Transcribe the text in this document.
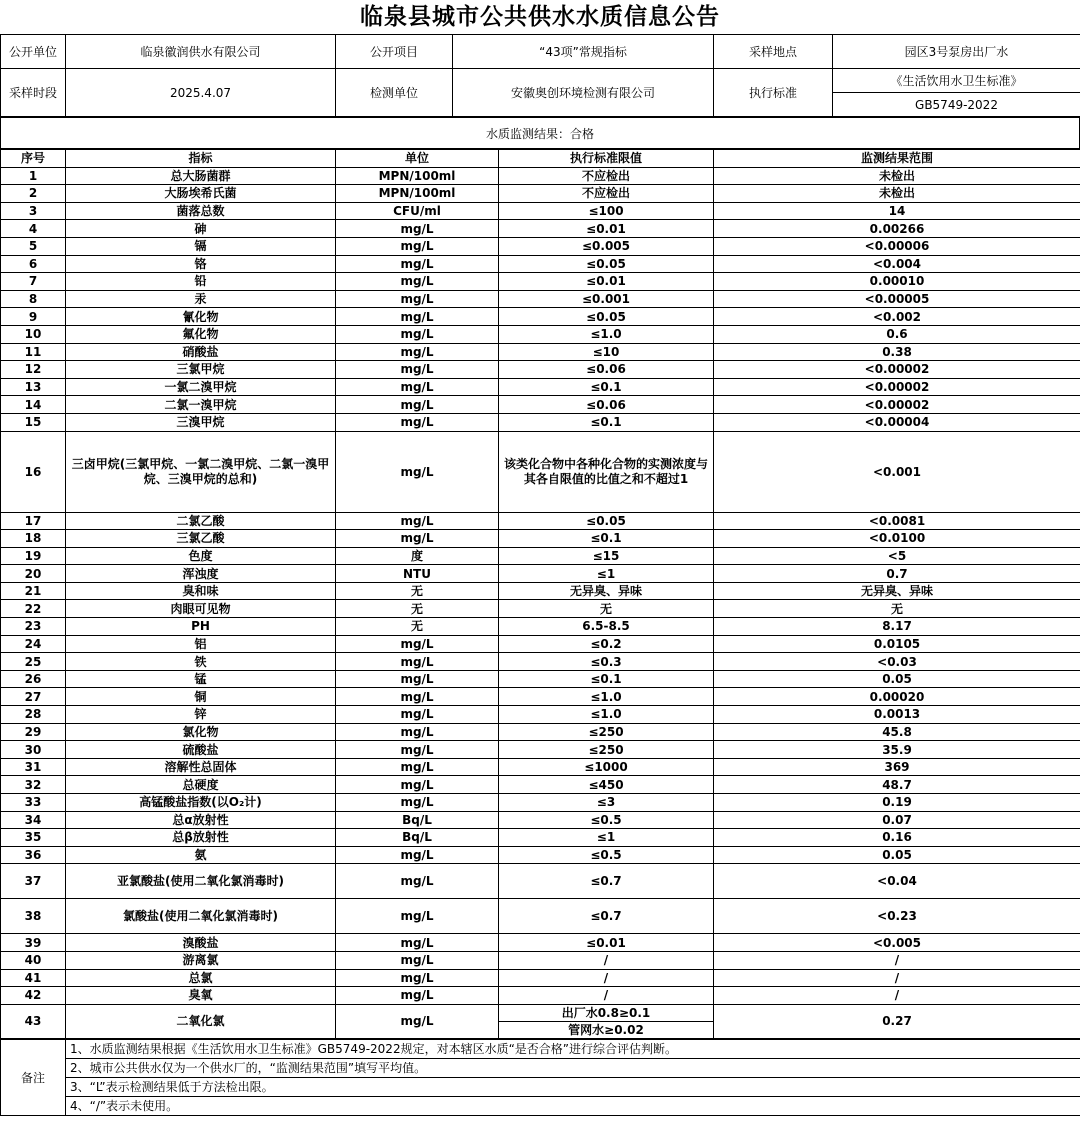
临泉县城市公共供水水质信息公告
公开单位	临泉徽润供水有限公司	公开项目	“43项”常规指标	采样地点	园区3号泵房出厂水
采样时段	2025.4.07	检测单位	安徽奥创环境检测有限公司	执行标准	《生活饮用水卫生标准》
					GB5749-2022
水质监测结果：合格
序号	指标	单位	执行标准限值	监测结果范围
1	总大肠菌群	MPN/100ml	不应检出	未检出
2	大肠埃希氏菌	MPN/100ml	不应检出	未检出
3	菌落总数	CFU/ml	≤100	14
4	砷	mg/L	≤0.01	0.00266
5	镉	mg/L	≤0.005	<0.00006
6	铬	mg/L	≤0.05	<0.004
7	铅	mg/L	≤0.01	0.00010
8	汞	mg/L	≤0.001	<0.00005
9	氰化物	mg/L	≤0.05	<0.002
10	氟化物	mg/L	≤1.0	0.6
11	硝酸盐	mg/L	≤10	0.38
12	三氯甲烷	mg/L	≤0.06	<0.00002
13	一氯二溴甲烷	mg/L	≤0.1	<0.00002
14	二氯一溴甲烷	mg/L	≤0.06	<0.00002
15	三溴甲烷	mg/L	≤0.1	<0.00004
16	三卤甲烷(三氯甲烷、一氯二溴甲烷、二氯一溴甲烷、三溴甲烷的总和)	mg/L	该类化合物中各种化合物的实测浓度与其各自限值的比值之和不超过1	<0.001
17	二氯乙酸	mg/L	≤0.05	<0.0081
18	三氯乙酸	mg/L	≤0.1	<0.0100
19	色度	度	≤15	<5
20	浑浊度	NTU	≤1	0.7
21	臭和味	无	无异臭、异味	无异臭、异味
22	肉眼可见物	无	无	无
23	PH	无	6.5-8.5	8.17
24	铝	mg/L	≤0.2	0.0105
25	铁	mg/L	≤0.3	<0.03
26	锰	mg/L	≤0.1	0.05
27	铜	mg/L	≤1.0	0.00020
28	锌	mg/L	≤1.0	0.0013
29	氯化物	mg/L	≤250	45.8
30	硫酸盐	mg/L	≤250	35.9
31	溶解性总固体	mg/L	≤1000	369
32	总硬度	mg/L	≤450	48.7
33	高锰酸盐指数(以O₂计)	mg/L	≤3	0.19
34	总α放射性	Bq/L	≤0.5	0.07
35	总β放射性	Bq/L	≤1	0.16
36	氨	mg/L	≤0.5	0.05
37	亚氯酸盐(使用二氧化氯消毒时)	mg/L	≤0.7	<0.04
38	氯酸盐(使用二氧化氯消毒时)	mg/L	≤0.7	<0.23
39	溴酸盐	mg/L	≤0.01	<0.005
40	游离氯	mg/L	/	/
41	总氯	mg/L	/	/
42	臭氧	mg/L	/	/
43	二氧化氯	mg/L	出厂水0.8≥0.1	0.27
			管网水≥0.02	
备注	1、水质监测结果根据《生活饮用水卫生标准》GB5749-2022规定，对本辖区水质“是否合格”进行综合评估判断。
2、城市公共供水仅为一个供水厂的，“监测结果范围”填写平均值。
3、“L”表示检测结果低于方法检出限。
4、“/”表示未使用。
